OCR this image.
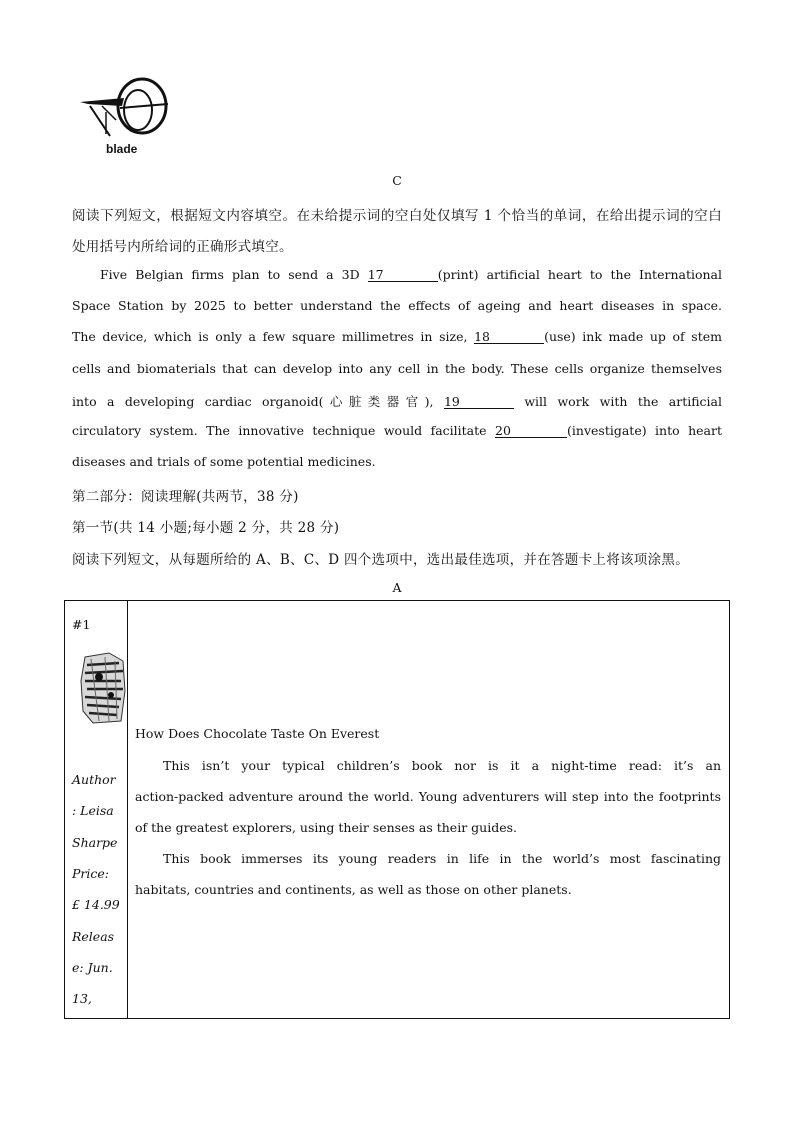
blade
C
阅读下列短文，根据短文内容填空。在未给提示词的空白处仅填写 1 个恰当的单词，在给出提示词的空白
处用括号内所给词的正确形式填空。
Five Belgian firms plan to send a 3D 17	(print) artificial heart to the International
Space Station by 2025 to better understand the effects of ageing and heart diseases in space.
The device, which is only a few square millimetres in size, 18	(use) ink made up of stem
cells and biomaterials that can develop into any cell in the body. These cells organize themselves
into a developing cardiac organoid(心脏类器官), 19	will work with the artificial
circulatory system. The innovative technique would facilitate 20	(investigate) into heart
diseases and trials of some potential medicines.
第二部分：阅读理解(共两节，38 分)
第一节(共 14 小题;每小题 2 分，共 28 分)
阅读下列短文，从每题所给的 A、B、C、D 四个选项中，选出最佳选项，并在答题卡上将该项涂黑。
A
#1
Author
: Leisa
Sharpe
Price:
£ 14.99
Releas
e: Jun.
13,

How Does Chocolate Taste On Everest
This isn’t your typical children’s book nor is it a night-time read: it’s an
action-packed adventure around the world. Young adventurers will step into the footprints
of the greatest explorers, using their senses as their guides.
This book immerses its young readers in life in the world’s most fascinating
habitats, countries and continents, as well as those on other planets.
